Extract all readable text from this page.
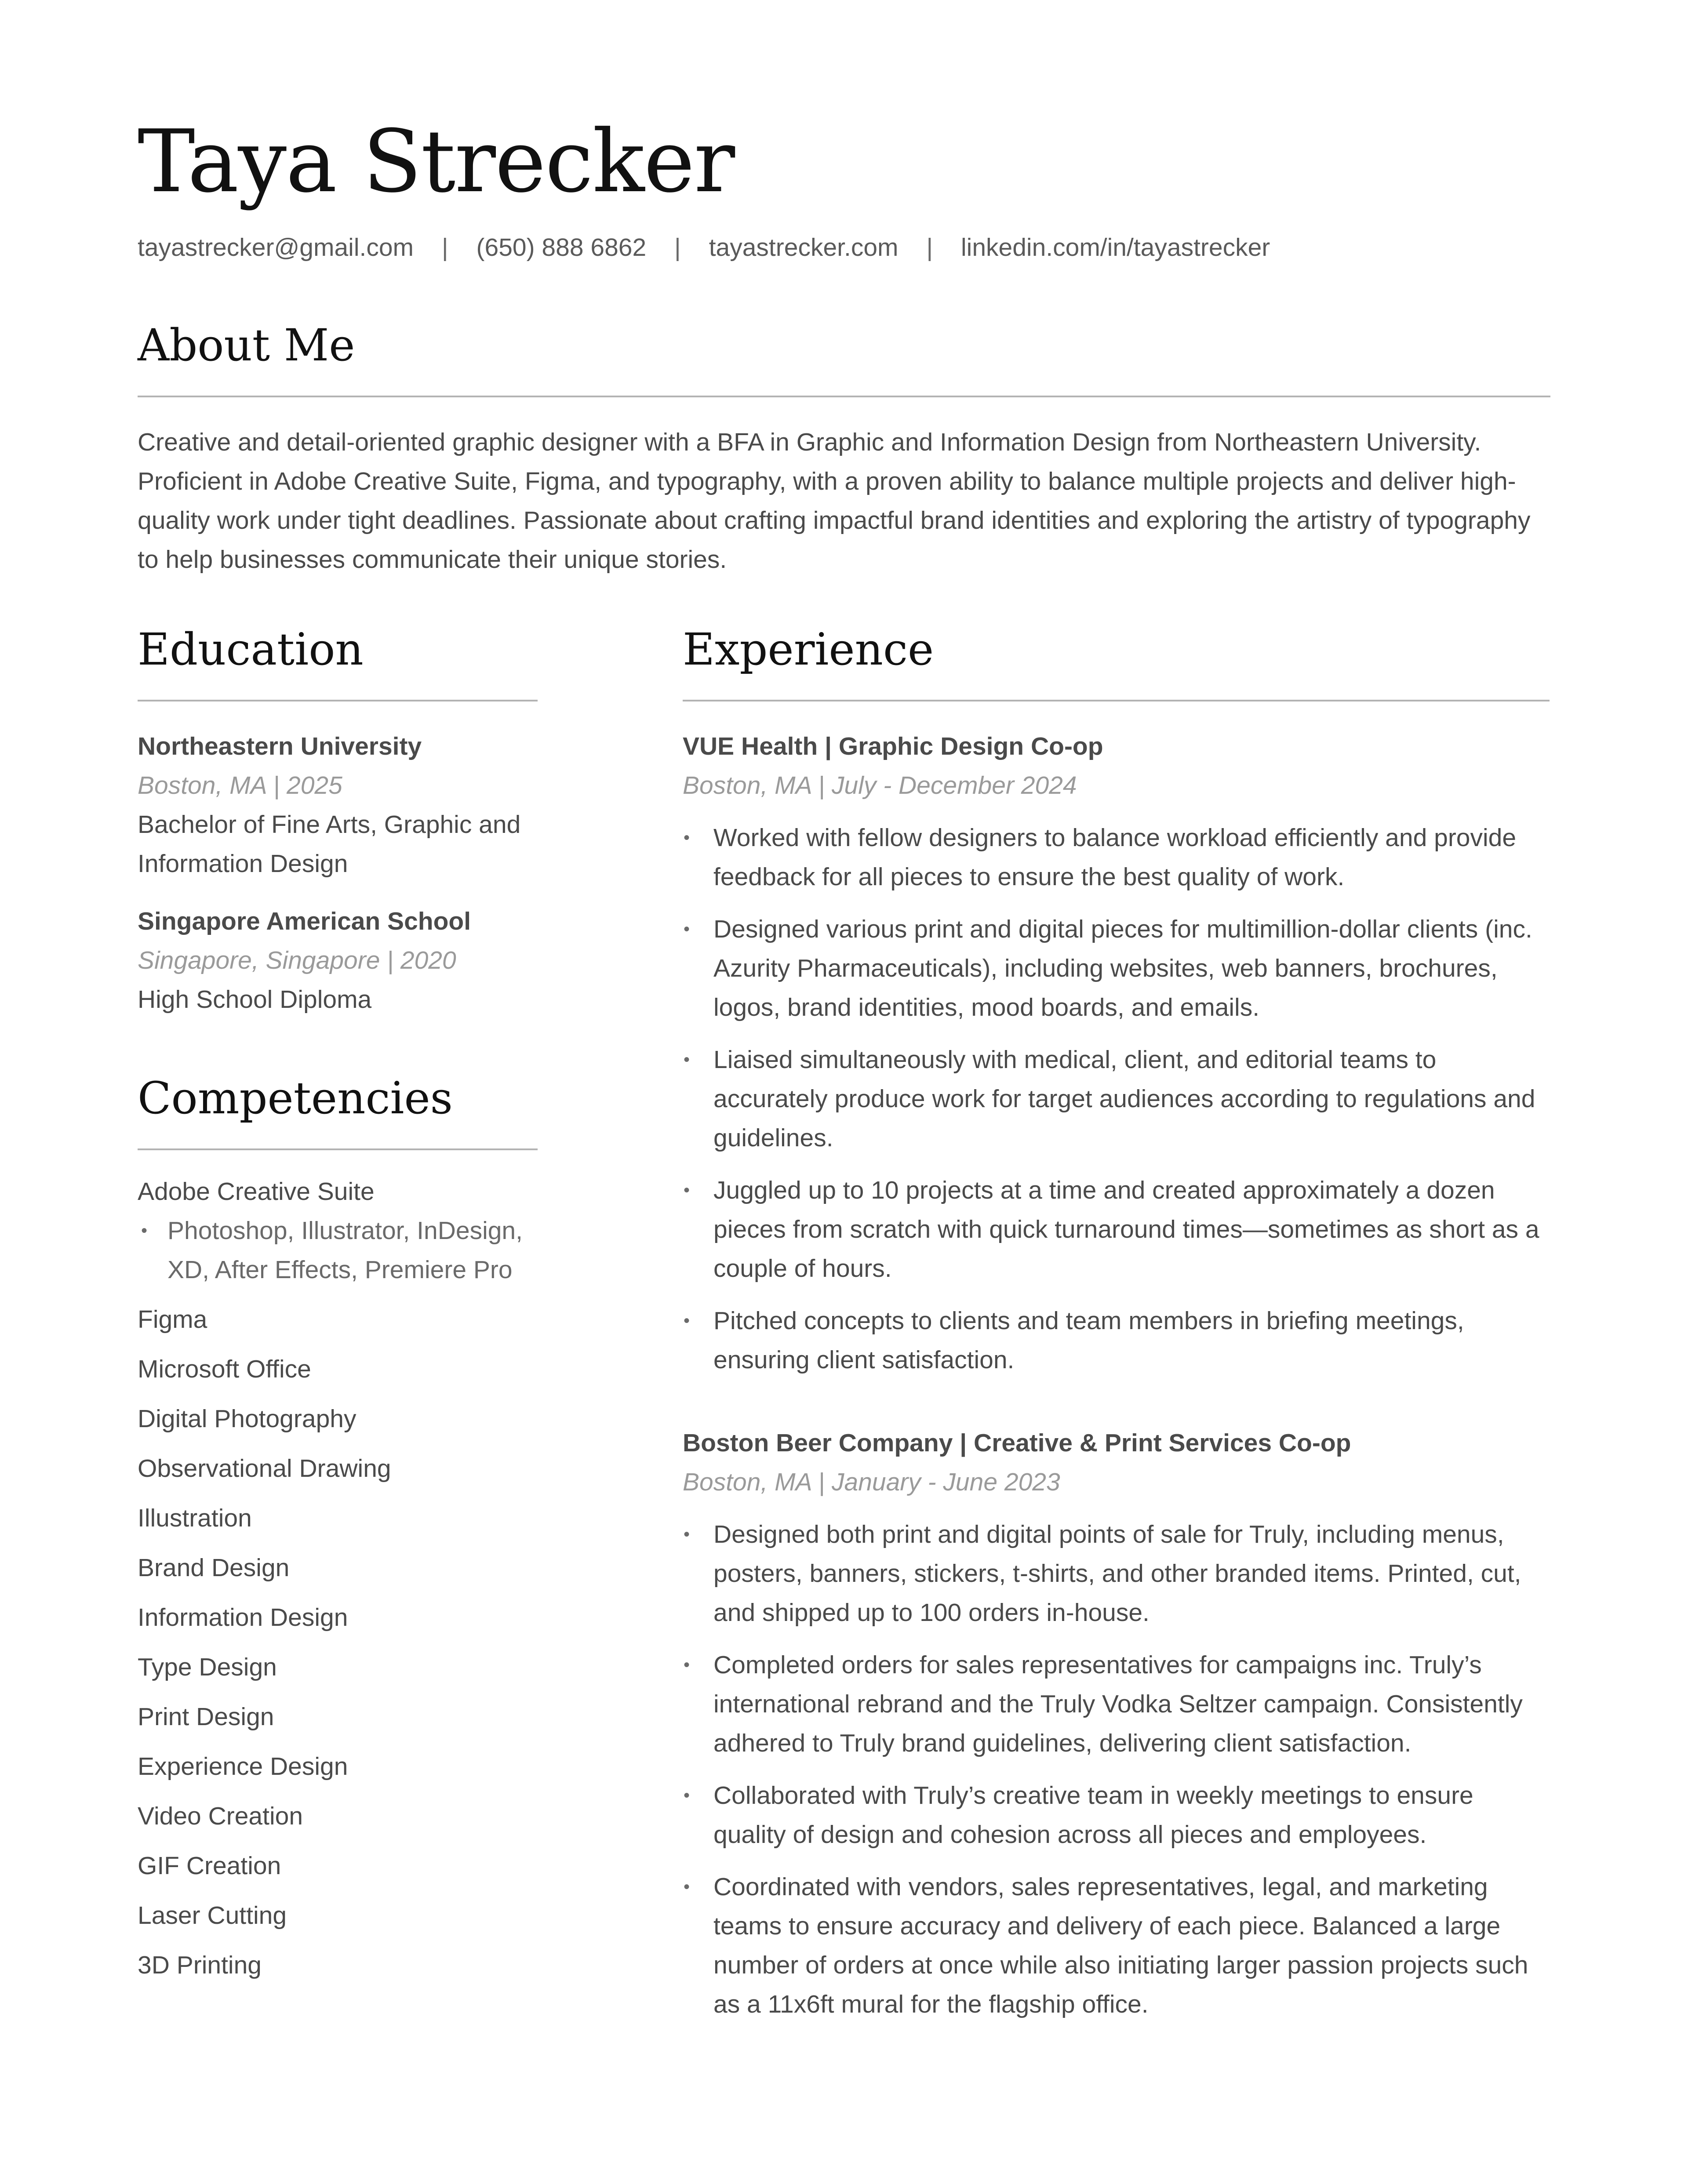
Taya Strecker
tayastrecker@gmail.com | (650) 888 6862 | tayastrecker.com | linkedin.com/in/tayastrecker
About Me

Creative and detail-oriented graphic designer with a BFA in Graphic and Information Design from Northeastern University. Proficient in Adobe Creative Suite, Figma, and typography, with a proven ability to balance multiple projects and deliver high-quality work under tight deadlines. Passionate about crafting impactful brand identities and exploring the artistry of typography to help businesses communicate their unique stories.

Education
Northeastern University
Boston, MA | 2025
Bachelor of Fine Arts, Graphic and Information Design
Singapore American School
Singapore, Singapore | 2020
High School Diploma
Competencies
Adobe Creative Suite
• Photoshop, Illustrator, InDesign, XD, After Effects, Premiere Pro
Figma
Microsoft Office
Digital Photography
Observational Drawing
Illustration
Brand Design
Information Design
Type Design
Print Design
Experience Design
Video Creation
GIF Creation
Laser Cutting
3D Printing
Experience
VUE Health | Graphic Design Co-op
Boston, MA | July - December 2024
• Worked with fellow designers to balance workload efficiently and provide feedback for all pieces to ensure the best quality of work.
• Designed various print and digital pieces for multimillion-dollar clients (inc. Azurity Pharmaceuticals), including websites, web banners, brochures, logos, brand identities, mood boards, and emails.
• Liaised simultaneously with medical, client, and editorial teams to accurately produce work for target audiences according to regulations and guidelines.
• Juggled up to 10 projects at a time and created approximately a dozen pieces from scratch with quick turnaround times—sometimes as short as a couple of hours.
• Pitched concepts to clients and team members in briefing meetings, ensuring client satisfaction.
Boston Beer Company | Creative & Print Services Co-op
Boston, MA | January - June 2023
• Designed both print and digital points of sale for Truly, including menus, posters, banners, stickers, t-shirts, and other branded items. Printed, cut, and shipped up to 100 orders in-house.
• Completed orders for sales representatives for campaigns inc. Truly’s international rebrand and the Truly Vodka Seltzer campaign. Consistently adhered to Truly brand guidelines, delivering client satisfaction.
• Collaborated with Truly’s creative team in weekly meetings to ensure quality of design and cohesion across all pieces and employees.
• Coordinated with vendors, sales representatives, legal, and marketing teams to ensure accuracy and delivery of each piece. Balanced a large number of orders at once while also initiating larger passion projects such as a 11x6ft mural for the flagship office.
